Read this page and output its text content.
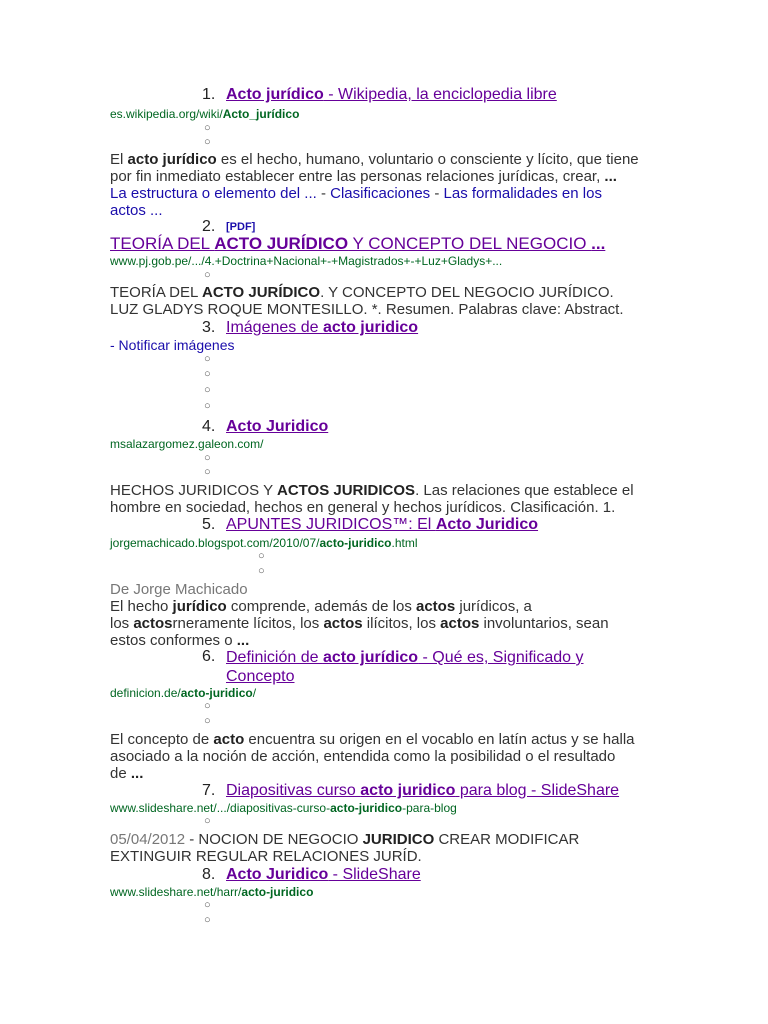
1. Acto jurídico - Wikipedia, la enciclopedia libre
es.wikipedia.org/wiki/Acto_jurídico
○
○
El acto jurídico es el hecho, humano, voluntario o consciente y lícito, que tiene
por fin inmediato establecer entre las personas relaciones jurídicas, crear, ...
La estructura o elemento del ... - Clasificaciones - Las formalidades en los
actos ...
2. [PDF]
TEORÍA DEL ACTO JURÍDICO Y CONCEPTO DEL NEGOCIO ...
www.pj.gob.pe/.../4.+Doctrina+Nacional+-+Magistrados+-+Luz+Gladys+...
○
TEORÍA DEL ACTO JURÍDICO. Y CONCEPTO DEL NEGOCIO JURÍDICO.
LUZ GLADYS ROQUE MONTESILLO. *. Resumen. Palabras clave: Abstract.
3. Imágenes de acto juridico
- Notificar imágenes
○
○
○
○
4. Acto Juridico
msalazargomez.galeon.com/
○
○
HECHOS JURIDICOS Y ACTOS JURIDICOS. Las relaciones que establece el
hombre en sociedad, hechos en general y hechos jurídicos. Clasificación. 1.
5. APUNTES JURIDICOS™: El Acto Juridico
jorgemachicado.blogspot.com/2010/07/acto-juridico.html
○
○
De Jorge Machicado
El hecho jurídico comprende, además de los actos jurídicos, a
los actosrneramente lícitos, los actos ilícitos, los actos involuntarios, sean
estos conformes o ...
6. Definición de acto jurídico - Qué es, Significado y
Concepto
definicion.de/acto-juridico/
○
○
El concepto de acto encuentra su origen en el vocablo en latín actus y se halla
asociado a la noción de acción, entendida como la posibilidad o el resultado
de ...
7. Diapositivas curso acto juridico para blog - SlideShare
www.slideshare.net/.../diapositivas-curso-acto-juridico-para-blog
○
05/04/2012 - NOCION DE NEGOCIO JURIDICO CREAR MODIFICAR
EXTINGUIR REGULAR RELACIONES JURÍD.
8. Acto Juridico - SlideShare
www.slideshare.net/harr/acto-juridico
○
○
